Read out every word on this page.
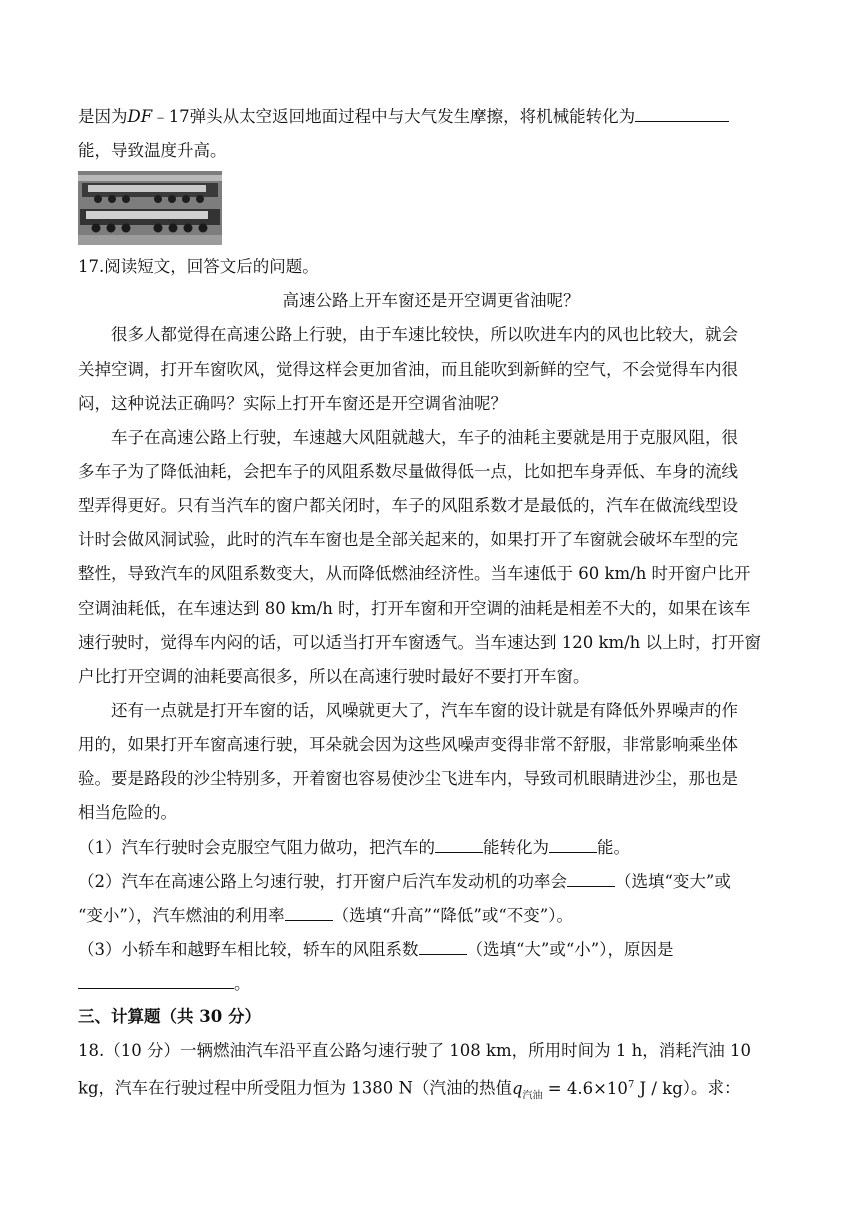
是因为DF﹣17弹头从太空返回地面过程中与大气发生摩擦，将机械能转化为
能，导致温度升高。
17.阅读短文，回答文后的问题。
高速公路上开车窗还是开空调更省油呢？
很多人都觉得在高速公路上行驶，由于车速比较快，所以吹进车内的风也比较大，就会
关掉空调，打开车窗吹风，觉得这样会更加省油，而且能吹到新鲜的空气，不会觉得车内很
闷，这种说法正确吗？实际上打开车窗还是开空调省油呢？
车子在高速公路上行驶，车速越大风阻就越大，车子的油耗主要就是用于克服风阻，很
多车子为了降低油耗，会把车子的风阻系数尽量做得低一点，比如把车身弄低、车身的流线
型弄得更好。只有当汽车的窗户都关闭时，车子的风阻系数才是最低的，汽车在做流线型设
计时会做风洞试验，此时的汽车车窗也是全部关起来的，如果打开了车窗就会破坏车型的完
整性，导致汽车的风阻系数变大，从而降低燃油经济性。当车速低于 60 km/h 时开窗户比开
空调油耗低，在车速达到 80 km/h 时，打开车窗和开空调的油耗是相差不大的，如果在该车
速行驶时，觉得车内闷的话，可以适当打开车窗透气。当车速达到 120 km/h 以上时，打开窗
户比打开空调的油耗要高很多，所以在高速行驶时最好不要打开车窗。
还有一点就是打开车窗的话，风噪就更大了，汽车车窗的设计就是有降低外界噪声的作
用的，如果打开车窗高速行驶，耳朵就会因为这些风噪声变得非常不舒服，非常影响乘坐体
验。要是路段的沙尘特别多，开着窗也容易使沙尘飞进车内，导致司机眼睛进沙尘，那也是
相当危险的。
（1）汽车行驶时会克服空气阻力做功，把汽车的	能转化为	能。
（2）汽车在高速公路上匀速行驶，打开窗户后汽车发动机的功率会	（选填“变大”或
“变小”），汽车燃油的利用率	（选填“升高”“降低”或“不变”）。
（3）小轿车和越野车相比较，轿车的风阻系数	（选填“大”或“小”），原因是
。
三、计算题（共 30 分）
18.（10 分）一辆燃油汽车沿平直公路匀速行驶了 108 km，所用时间为 1 h，消耗汽油 10
kg，汽车在行驶过程中所受阻力恒为 1380 N（汽油的热值$q_{汽油} = 4.6\times 10^7$ J / kg）。求：
